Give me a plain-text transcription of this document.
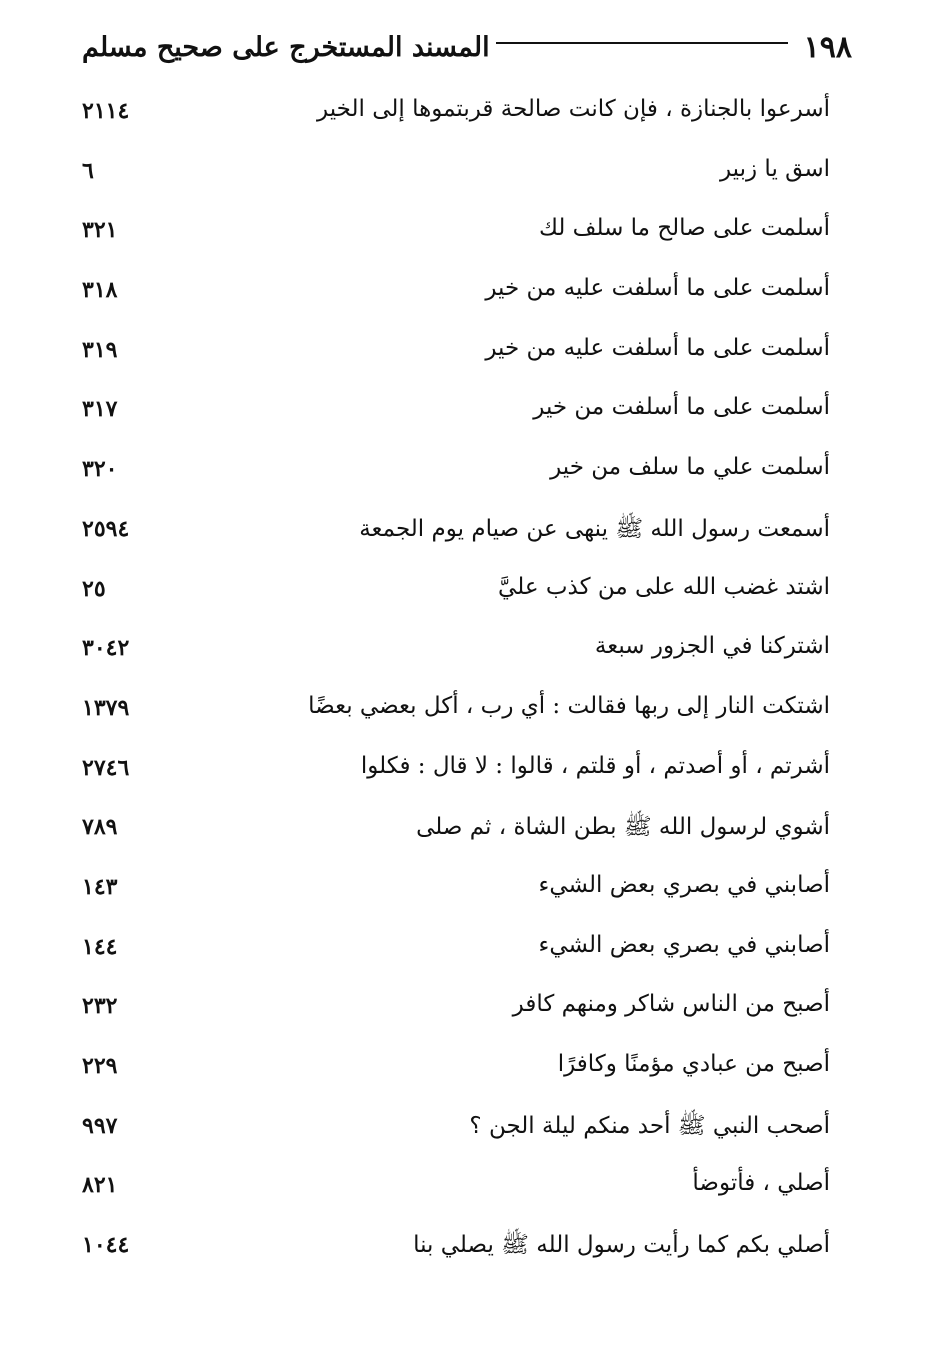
١٩٨
المسند المستخرج على صحيح مسلم
أسرعوا بالجنازة ، فإن كانت صالحة قربتموها إلى الخير
٢١١٤
اسق يا زبير
٦
أسلمت على صالح ما سلف لك
٣٢١
أسلمت على ما أسلفت عليه من خير
٣١٨
أسلمت على ما أسلفت عليه من خير
٣١٩
أسلمت على ما أسلفت من خير
٣١٧
أسلمت علي ما سلف من خير
٣٢٠
أسمعت رسول الله ﷺ ينهى عن صيام يوم الجمعة
٢٥٩٤
اشتد غضب الله على من كذب عليَّ
٢٥
اشتركنا في الجزور سبعة
٣٠٤٢
اشتكت النار إلى ربها فقالت : أي رب ، أكل بعضي بعضًا
١٣٧٩
أشرتم ، أو أصدتم ، أو قلتم ، قالوا : لا قال : فكلوا
٢٧٤٦
أشوي لرسول الله ﷺ بطن الشاة ، ثم صلى
٧٨٩
أصابني في بصري بعض الشيء
١٤٣
أصابني في بصري بعض الشيء
١٤٤
أصبح من الناس شاكر ومنهم كافر
٢٣٢
أصبح من عبادي مؤمنًا وكافرًا
٢٢٩
أصحب النبي ﷺ أحد منكم ليلة الجن ؟
٩٩٧
أصلي ، فأتوضأ
٨٢١
أصلي بكم كما رأيت رسول الله ﷺ يصلي بنا
١٠٤٤
